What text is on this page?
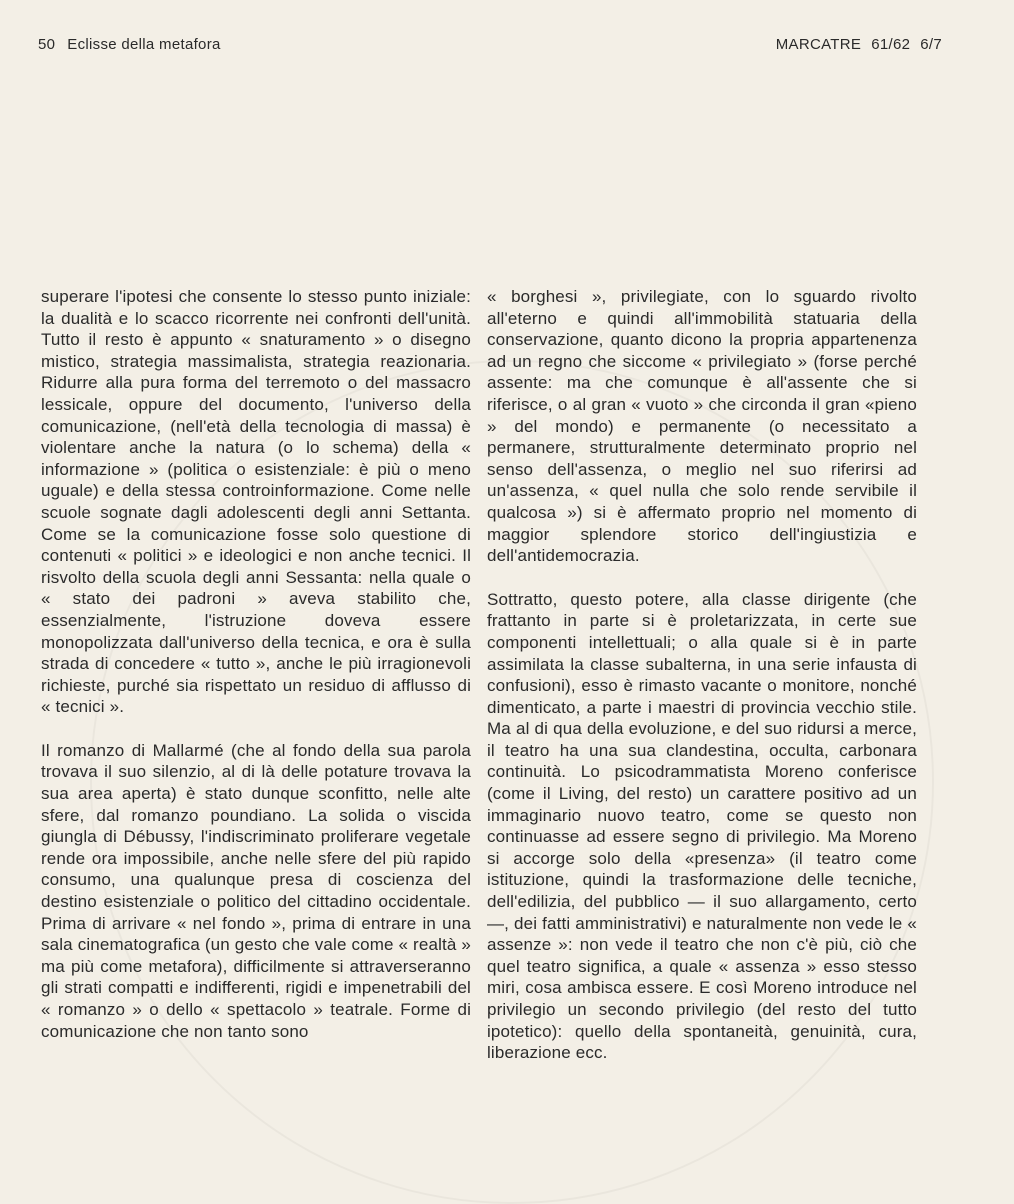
50 Eclisse della metafora	MARCATRE 61/62 6/7

superare l'ipotesi che consente lo stesso punto iniziale: la dualità e lo scacco ricorrente nei confronti dell'unità. Tutto il resto è appunto « snaturamento » o disegno mistico, strategia massimalista, strategia reazionaria. Ridurre alla pura forma del terremoto o del massacro lessicale, oppure del documento, l'universo della comunicazione, (nell'età della tecnologia di massa) è violentare anche la natura (o lo schema) della « informazione » (politica o esistenziale: è più o meno uguale) e della stessa controinformazione. Come nelle scuole sognate dagli adolescenti degli anni Settanta. Come se la comunicazione fosse solo questione di contenuti « politici » e ideologici e non anche tecnici. Il risvolto della scuola degli anni Sessanta: nella quale o « stato dei padroni » aveva stabilito che, essenzialmente, l'istruzione doveva essere monopolizzata dall'universo della tecnica, e ora è sulla strada di concedere « tutto », anche le più irragionevoli richieste, purché sia rispettato un residuo di afflusso di « tecnici ».

Il romanzo di Mallarmé (che al fondo della sua parola trovava il suo silenzio, al di là delle potature trovava la sua area aperta) è stato dunque sconfitto, nelle alte sfere, dal romanzo poundiano. La solida o viscida giungla di Débussy, l'indiscriminato proliferare vegetale rende ora impossibile, anche nelle sfere del più rapido consumo, una qualunque presa di coscienza del destino esistenziale o politico del cittadino occidentale. Prima di arrivare « nel fondo », prima di entrare in una sala cinematografica (un gesto che vale come « realtà » ma più come metafora), difficilmente si attraverseranno gli strati compatti e indifferenti, rigidi e impenetrabili del « romanzo » o dello « spettacolo » teatrale. Forme di comunicazione che non tanto sono

« borghesi », privilegiate, con lo sguardo rivolto all'eterno e quindi all'immobilità statuaria della conservazione, quanto dicono la propria appartenenza ad un regno che siccome « privilegiato » (forse perché assente: ma che comunque è all'assente che si riferisce, o al gran « vuoto » che circonda il gran «pieno » del mondo) e permanente (o necessitato a permanere, strutturalmente determinato proprio nel senso dell'assenza, o meglio nel suo riferirsi ad un'assenza, « quel nulla che solo rende servibile il qualcosa ») si è affermato proprio nel momento di maggior splendore storico dell'ingiustizia e dell'antidemocrazia.

Sottratto, questo potere, alla classe dirigente (che frattanto in parte si è proletarizzata, in certe sue componenti intellettuali; o alla quale si è in parte assimilata la classe subalterna, in una serie infausta di confusioni), esso è rimasto vacante o monitore, nonché dimenticato, a parte i maestri di provincia vecchio stile. Ma al di qua della evoluzione, e del suo ridursi a merce, il teatro ha una sua clandestina, occulta, carbonara continuità. Lo psicodrammatista Moreno conferisce (come il Living, del resto) un carattere positivo ad un immaginario nuovo teatro, come se questo non continuasse ad essere segno di privilegio. Ma Moreno si accorge solo della «presenza» (il teatro come istituzione, quindi la trasformazione delle tecniche, dell'edilizia, del pubblico — il suo allargamento, certo —, dei fatti amministrativi) e naturalmente non vede le « assenze »: non vede il teatro che non c'è più, ciò che quel teatro significa, a quale « assenza » esso stesso miri, cosa ambisca essere. E così Moreno introduce nel privilegio un secondo privilegio (del resto del tutto ipotetico): quello della spontaneità, genuinità, cura, liberazione ecc.
